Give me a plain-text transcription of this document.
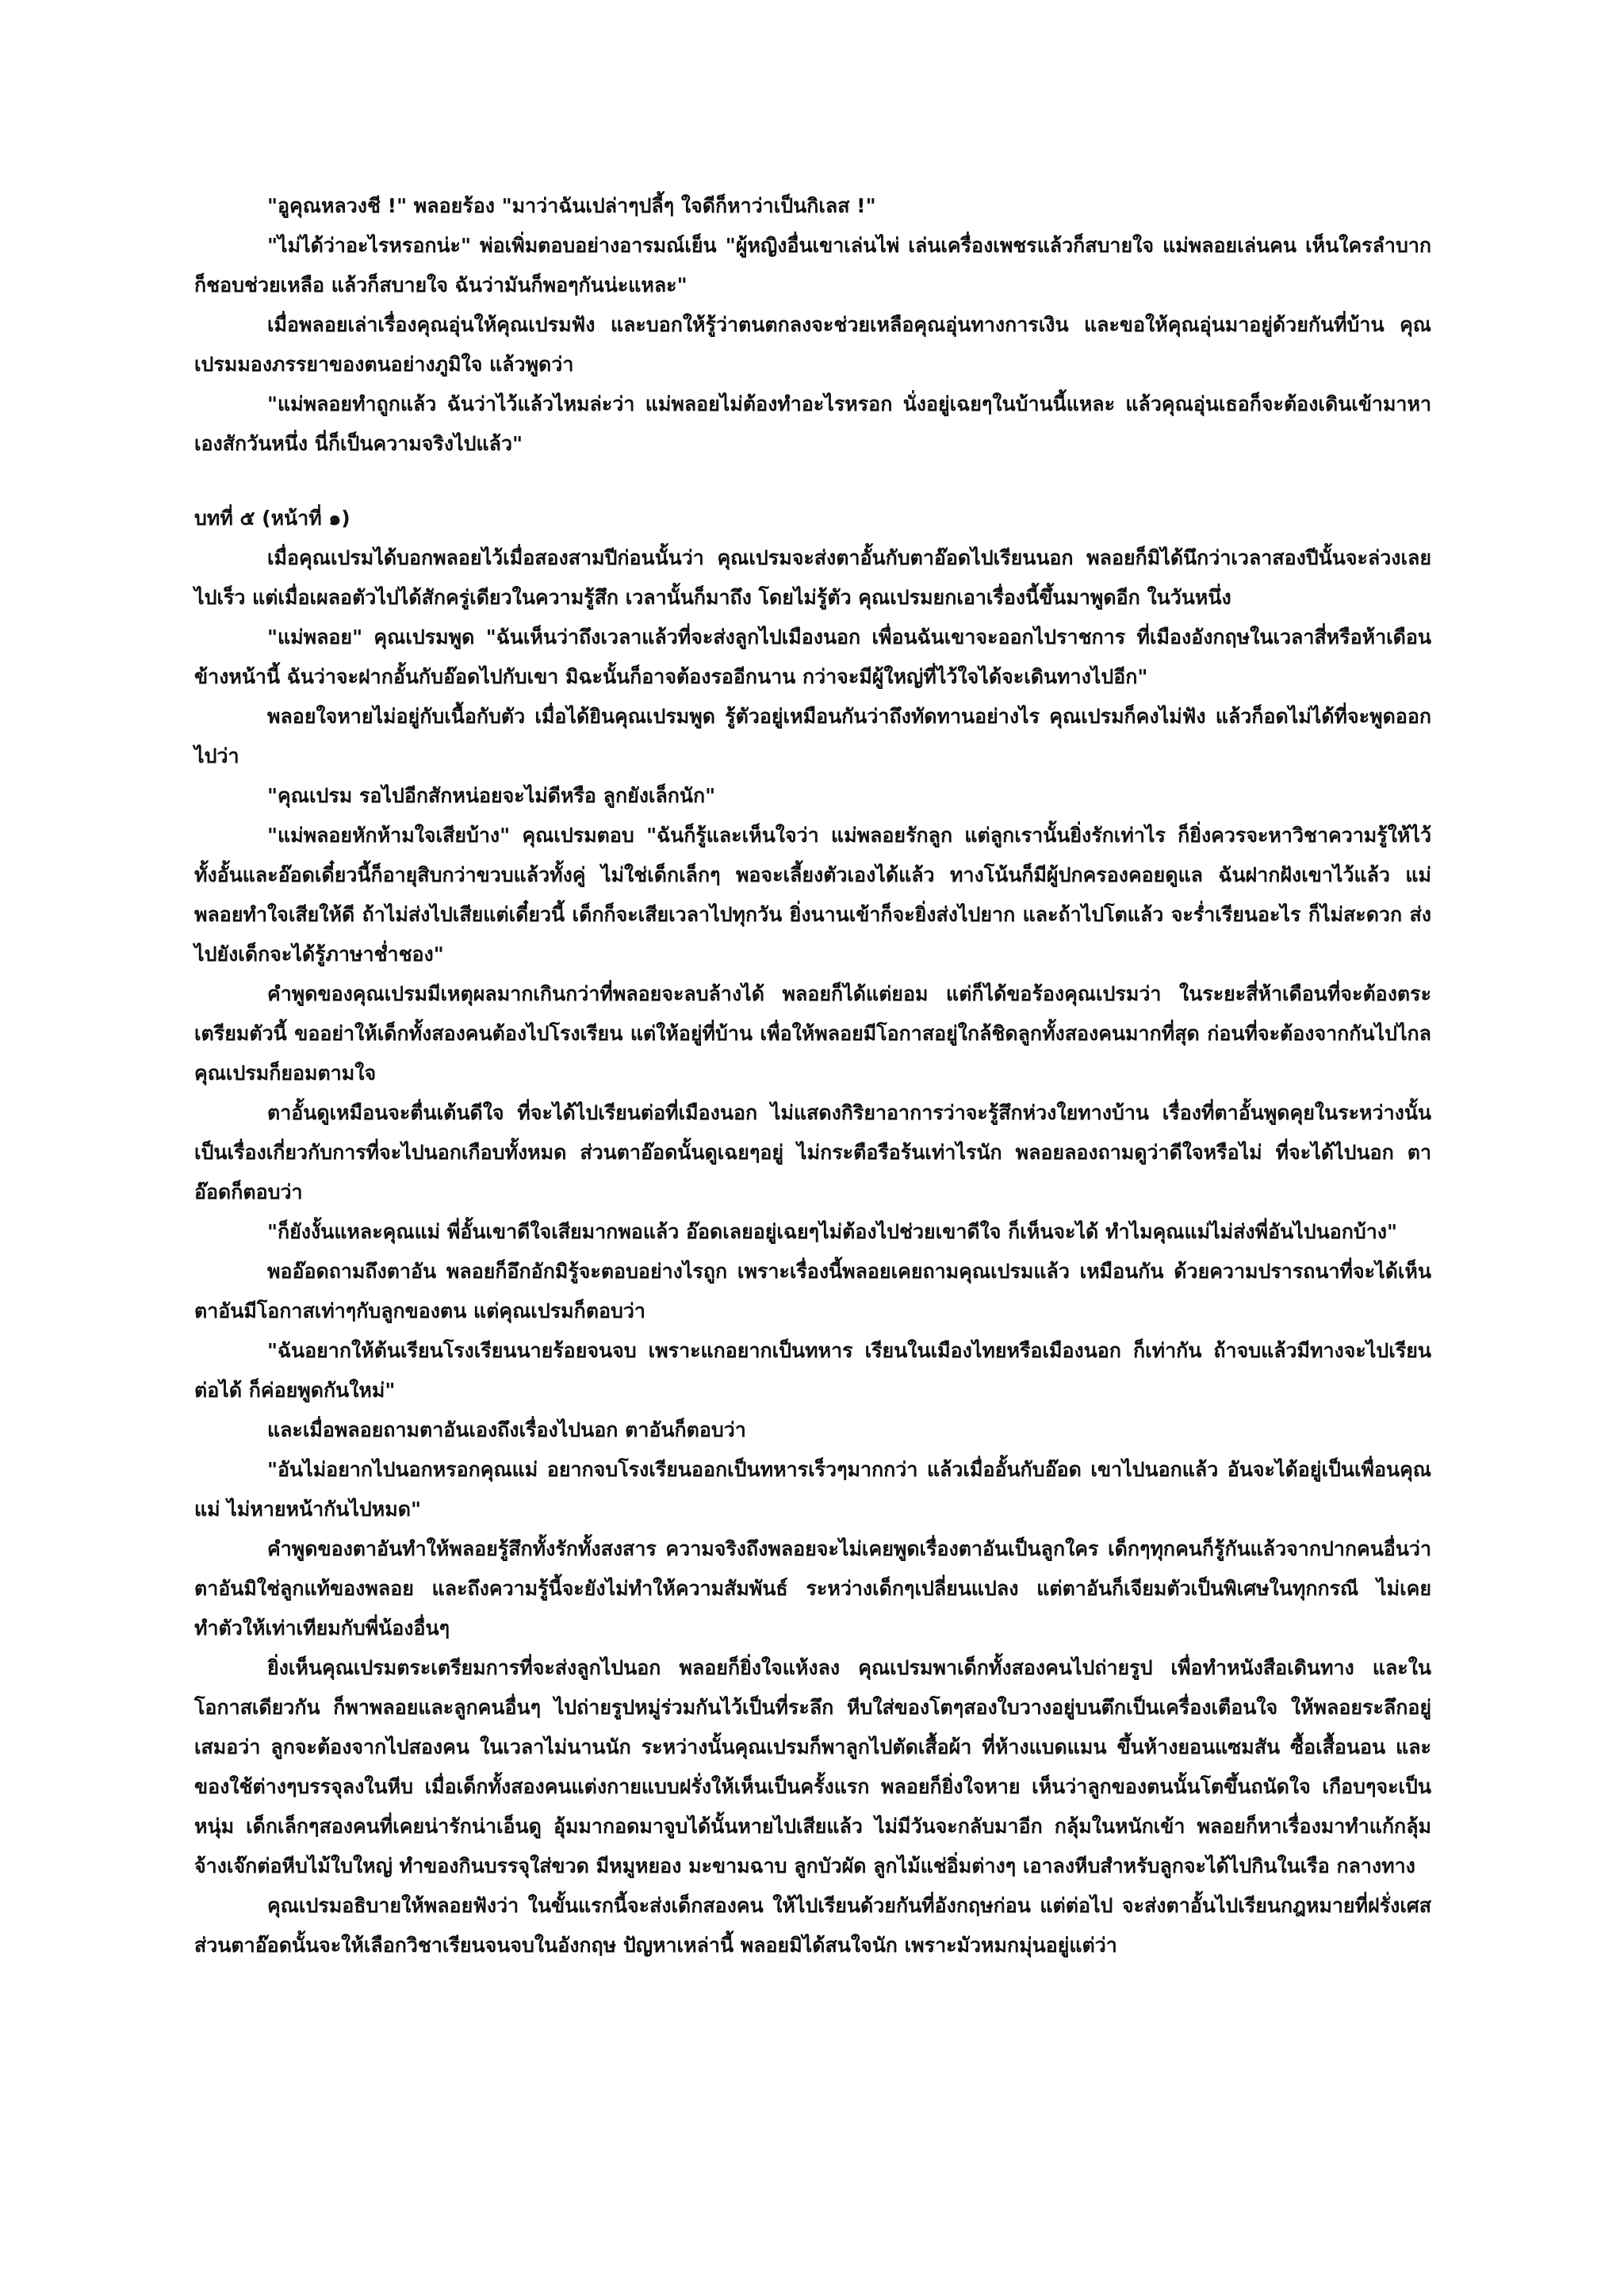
"อูคุณหลวงชี !" พลอยร้อง "มาว่าฉันเปล่าๆปลี้ๆ ใจดีก็หาว่าเป็นกิเลส !"

"ไม่ได้ว่าอะไรหรอกน่ะ" พ่อเพิ่มตอบอย่างอารมณ์เย็น "ผู้หญิงอื่นเขาเล่นไพ่ เล่นเครื่องเพชรแล้วก็สบายใจ แม่พลอยเล่นคน เห็นใครลำบากก็ชอบช่วยเหลือ แล้วก็สบายใจ ฉันว่ามันก็พอๆกันน่ะแหละ"

เมื่อพลอยเล่าเรื่องคุณอุ่นให้คุณเปรมฟัง และบอกให้รู้ว่าตนตกลงจะช่วยเหลือคุณอุ่นทางการเงิน และขอให้คุณอุ่นมาอยู่ด้วยกันที่บ้าน คุณเปรมมองภรรยาของตนอย่างภูมิใจ แล้วพูดว่า

"แม่พลอยทำถูกแล้ว ฉันว่าไว้แล้วไหมล่ะว่า แม่พลอยไม่ต้องทำอะไรหรอก นั่งอยู่เฉยๆในบ้านนี้แหละ แล้วคุณอุ่นเธอก็จะต้องเดินเข้ามาหาเองสักวันหนึ่ง นี่ก็เป็นความจริงไปแล้ว"

บทที่ ๕ (หน้าที่ ๑)

เมื่อคุณเปรมได้บอกพลอยไว้เมื่อสองสามปีก่อนนั้นว่า คุณเปรมจะส่งตาอั้นกับตาอ๊อดไปเรียนนอก พลอยก็มิได้นึกว่าเวลาสองปีนั้นจะล่วงเลยไปเร็ว แต่เมื่อเผลอตัวไปได้สักครู่เดียวในความรู้สึก เวลานั้นก็มาถึง โดยไม่รู้ตัว คุณเปรมยกเอาเรื่องนี้ขึ้นมาพูดอีก ในวันหนึ่ง

"แม่พลอย" คุณเปรมพูด "ฉันเห็นว่าถึงเวลาแล้วที่จะส่งลูกไปเมืองนอก เพื่อนฉันเขาจะออกไปราชการ ที่เมืองอังกฤษในเวลาสี่หรือห้าเดือนข้างหน้านี้ ฉันว่าจะฝากอั้นกับอ๊อดไปกับเขา มิฉะนั้นก็อาจต้องรออีกนาน กว่าจะมีผู้ใหญ่ที่ไว้ใจได้จะเดินทางไปอีก"

พลอยใจหายไม่อยู่กับเนื้อกับตัว เมื่อได้ยินคุณเปรมพูด รู้ตัวอยู่เหมือนกันว่าถึงทัดทานอย่างไร คุณเปรมก็คงไม่ฟัง แล้วก็อดไม่ได้ที่จะพูดออกไปว่า

"คุณเปรม รอไปอีกสักหน่อยจะไม่ดีหรือ ลูกยังเล็กนัก"

"แม่พลอยหักห้ามใจเสียบ้าง" คุณเปรมตอบ "ฉันก็รู้และเห็นใจว่า แม่พลอยรักลูก แต่ลูกเรานั้นยิ่งรักเท่าไร ก็ยิ่งควรจะหาวิชาความรู้ให้ไว้ ทั้งอั้นและอ๊อดเดี๋ยวนี้ก็อายุสิบกว่าขวบแล้วทั้งคู่ ไม่ใช่เด็กเล็กๆ พอจะเลี้ยงตัวเองได้แล้ว ทางโน้นก็มีผู้ปกครองคอยดูแล ฉันฝากฝังเขาไว้แล้ว แม่พลอยทำใจเสียให้ดี ถ้าไม่ส่งไปเสียแต่เดี๋ยวนี้ เด็กก็จะเสียเวลาไปทุกวัน ยิ่งนานเข้าก็จะยิ่งส่งไปยาก และถ้าไปโตแล้ว จะร่ำเรียนอะไร ก็ไม่สะดวก ส่งไปยังเด็กจะได้รู้ภาษาช่ำชอง"

คำพูดของคุณเปรมมีเหตุผลมากเกินกว่าที่พลอยจะลบล้างได้ พลอยก็ได้แต่ยอม แต่ก็ได้ขอร้องคุณเปรมว่า ในระยะสี่ห้าเดือนที่จะต้องตระเตรียมตัวนี้ ขออย่าให้เด็กทั้งสองคนต้องไปโรงเรียน แต่ให้อยู่ที่บ้าน เพื่อให้พลอยมีโอกาสอยู่ใกล้ชิดลูกทั้งสองคนมากที่สุด ก่อนที่จะต้องจากกันไปไกล คุณเปรมก็ยอมตามใจ

ตาอั้นดูเหมือนจะตื่นเต้นดีใจ ที่จะได้ไปเรียนต่อที่เมืองนอก ไม่แสดงกิริยาอาการว่าจะรู้สึกห่วงใยทางบ้าน เรื่องที่ตาอั้นพูดคุยในระหว่างนั้น เป็นเรื่องเกี่ยวกับการที่จะไปนอกเกือบทั้งหมด ส่วนตาอ๊อดนั้นดูเฉยๆอยู่ ไม่กระตือรือร้นเท่าไรนัก พลอยลองถามดูว่าดีใจหรือไม่ ที่จะได้ไปนอก ตาอ๊อดก็ตอบว่า

"ก็ยังงั้นแหละคุณแม่ พี่อั้นเขาดีใจเสียมากพอแล้ว อ๊อดเลยอยู่เฉยๆไม่ต้องไปช่วยเขาดีใจ ก็เห็นจะได้ ทำไมคุณแม่ไม่ส่งพี่อันไปนอกบ้าง"

พออ๊อดถามถึงตาอัน พลอยก็อึกอักมิรู้จะตอบอย่างไรถูก เพราะเรื่องนี้พลอยเคยถามคุณเปรมแล้ว เหมือนกัน ด้วยความปรารถนาที่จะได้เห็นตาอันมีโอกาสเท่าๆกับลูกของตน แต่คุณเปรมก็ตอบว่า

"ฉันอยากให้ต้นเรียนโรงเรียนนายร้อยจนจบ เพราะแกอยากเป็นทหาร เรียนในเมืองไทยหรือเมืองนอก ก็เท่ากัน ถ้าจบแล้วมีทางจะไปเรียนต่อได้ ก็ค่อยพูดกันใหม่"

และเมื่อพลอยถามตาอันเองถึงเรื่องไปนอก ตาอันก็ตอบว่า

"อันไม่อยากไปนอกหรอกคุณแม่ อยากจบโรงเรียนออกเป็นทหารเร็วๆมากกว่า แล้วเมื่ออั้นกับอ๊อด เขาไปนอกแล้ว อันจะได้อยู่เป็นเพื่อนคุณแม่ ไม่หายหน้ากันไปหมด"

คำพูดของตาอันทำให้พลอยรู้สึกทั้งรักทั้งสงสาร ความจริงถึงพลอยจะไม่เคยพูดเรื่องตาอันเป็นลูกใคร เด็กๆทุกคนก็รู้กันแล้วจากปากคนอื่นว่า ตาอันมิใช่ลูกแท้ของพลอย และถึงความรู้นี้จะยังไม่ทำให้ความสัมพันธ์ ระหว่างเด็กๆเปลี่ยนแปลง แต่ตาอันก็เจียมตัวเป็นพิเศษในทุกกรณี ไม่เคยทำตัวให้เท่าเทียมกับพี่น้องอื่นๆ

ยิ่งเห็นคุณเปรมตระเตรียมการที่จะส่งลูกไปนอก พลอยก็ยิ่งใจแห้งลง คุณเปรมพาเด็กทั้งสองคนไปถ่ายรูป เพื่อทำหนังสือเดินทาง และในโอกาสเดียวกัน ก็พาพลอยและลูกคนอื่นๆ ไปถ่ายรูปหมู่ร่วมกันไว้เป็นที่ระลึก หีบใส่ของโตๆสองใบวางอยู่บนตึกเป็นเครื่องเตือนใจ ให้พลอยระลึกอยู่เสมอว่า ลูกจะต้องจากไปสองคน ในเวลาไม่นานนัก ระหว่างนั้นคุณเปรมก็พาลูกไปตัดเสื้อผ้า ที่ห้างแบดแมน ขึ้นห้างยอนแซมสัน ซื้อเสื้อนอน และของใช้ต่างๆบรรจุลงในหีบ เมื่อเด็กทั้งสองคนแต่งกายแบบฝรั่งให้เห็นเป็นครั้งแรก พลอยก็ยิ่งใจหาย เห็นว่าลูกของตนนั้นโตขึ้นถนัดใจ เกือบๆจะเป็นหนุ่ม เด็กเล็กๆสองคนที่เคยน่ารักน่าเอ็นดู อุ้มมากอดมาจูบได้นั้นหายไปเสียแล้ว ไม่มีวันจะกลับมาอีก กลุ้มในหนักเข้า พลอยก็หาเรื่องมาทำแก้กลุ้ม จ้างเจ๊กต่อหีบไม้ใบใหญ่ ทำของกินบรรจุใส่ขวด มีหมูหยอง มะขามฉาบ ลูกบัวผัด ลูกไม้แช่อิ่มต่างๆ เอาลงหีบสำหรับลูกจะได้ไปกินในเรือ กลางทาง

คุณเปรมอธิบายให้พลอยฟังว่า ในขั้นแรกนี้จะส่งเด็กสองคน ให้ไปเรียนด้วยกันที่อังกฤษก่อน แต่ต่อไป จะส่งตาอั้นไปเรียนกฎหมายที่ฝรั่งเศส ส่วนตาอ๊อดนั้นจะให้เลือกวิชาเรียนจนจบในอังกฤษ ปัญหาเหล่านี้ พลอยมิได้สนใจนัก เพราะมัวหมกมุ่นอยู่แต่ว่า
